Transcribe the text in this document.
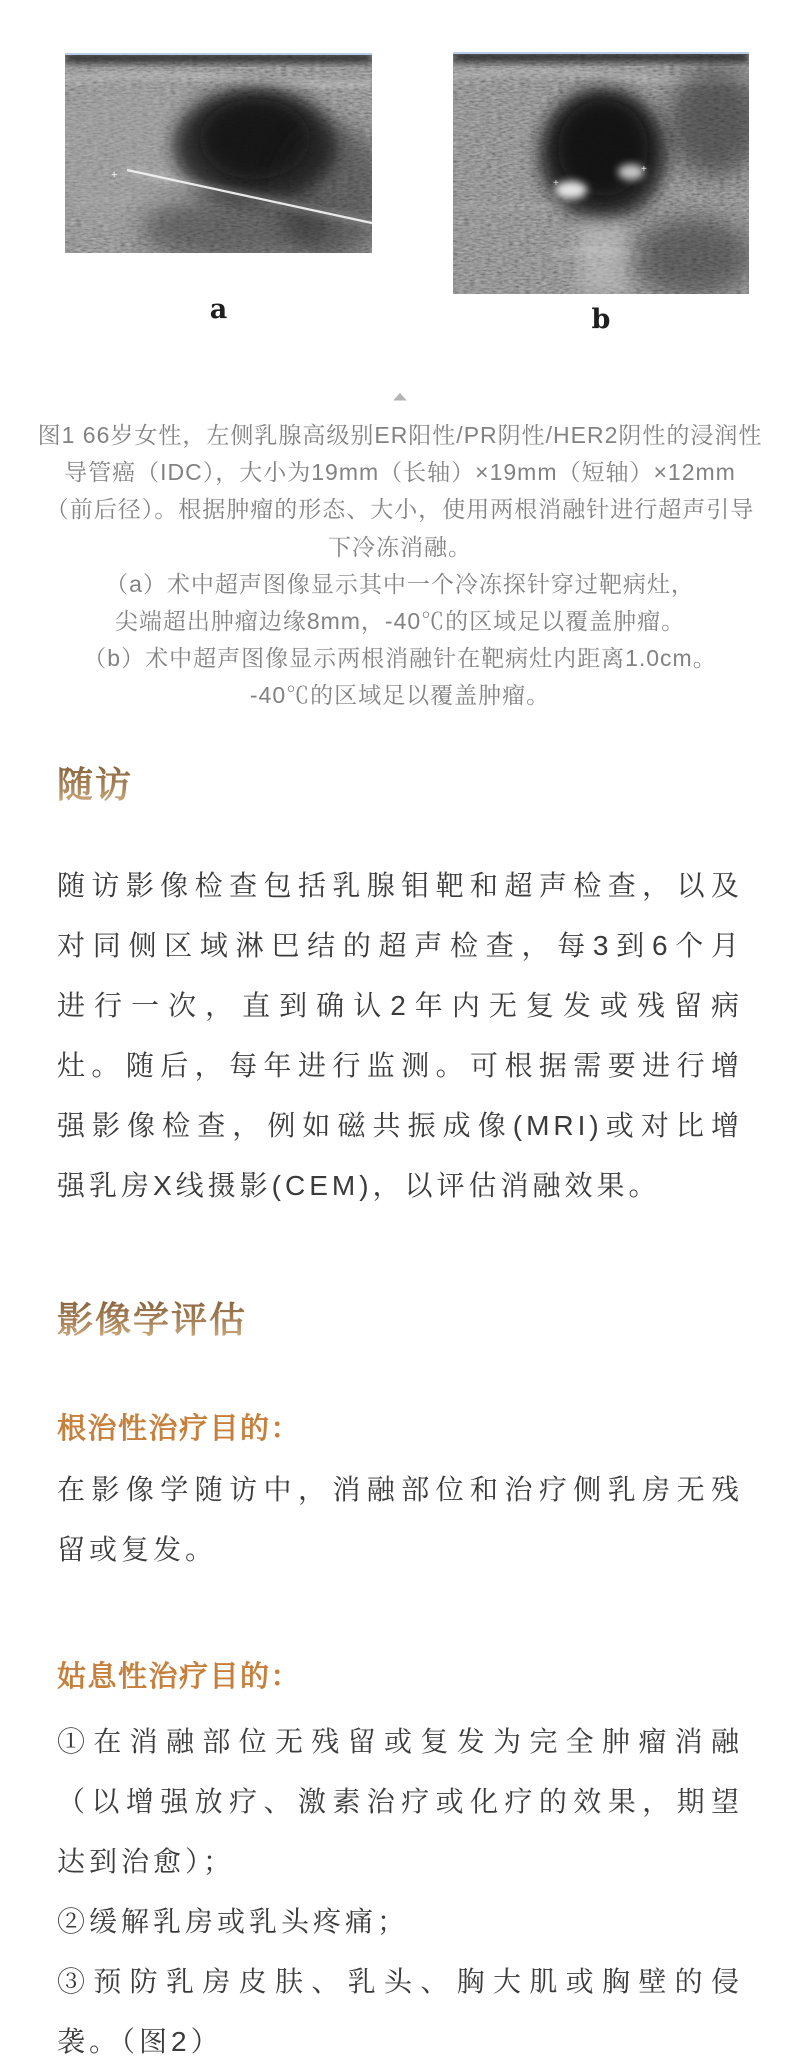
+	+
+
a	b
▲
图1 66岁女性，左侧乳腺高级别ER阳性/PR阴性/HER2阴性的浸润性
导管癌（IDC），大小为19mm（长轴）×19mm（短轴）×12mm
（前后径）。根据肿瘤的形态、大小，使用两根消融针进行超声引导
下冷冻消融。
（a）术中超声图像显示其中一个冷冻探针穿过靶病灶，
尖端超出肿瘤边缘8mm，-40℃的区域足以覆盖肿瘤。
（b）术中超声图像显示两根消融针在靶病灶内距离1.0cm。
-40℃的区域足以覆盖肿瘤。
随访
随访影像检查包括乳腺钼靶和超声检查，以及
对同侧区域淋巴结的超声检查，每3到6个月
进行一次，直到确认2年内无复发或残留病
灶。随后，每年进行监测。可根据需要进行增
强影像检查，例如磁共振成像(MRI)或对比增
强乳房X线摄影(CEM)，以评估消融效果。
影像学评估
根治性治疗目的：
在影像学随访中，消融部位和治疗侧乳房无残
留或复发。
姑息性治疗目的：
①在消融部位无残留或复发为完全肿瘤消融
（以增强放疗、激素治疗或化疗的效果，期望
达到治愈）；
②缓解乳房或乳头疼痛；
③预防乳房皮肤、乳头、胸大肌或胸壁的侵
袭。（图2）
